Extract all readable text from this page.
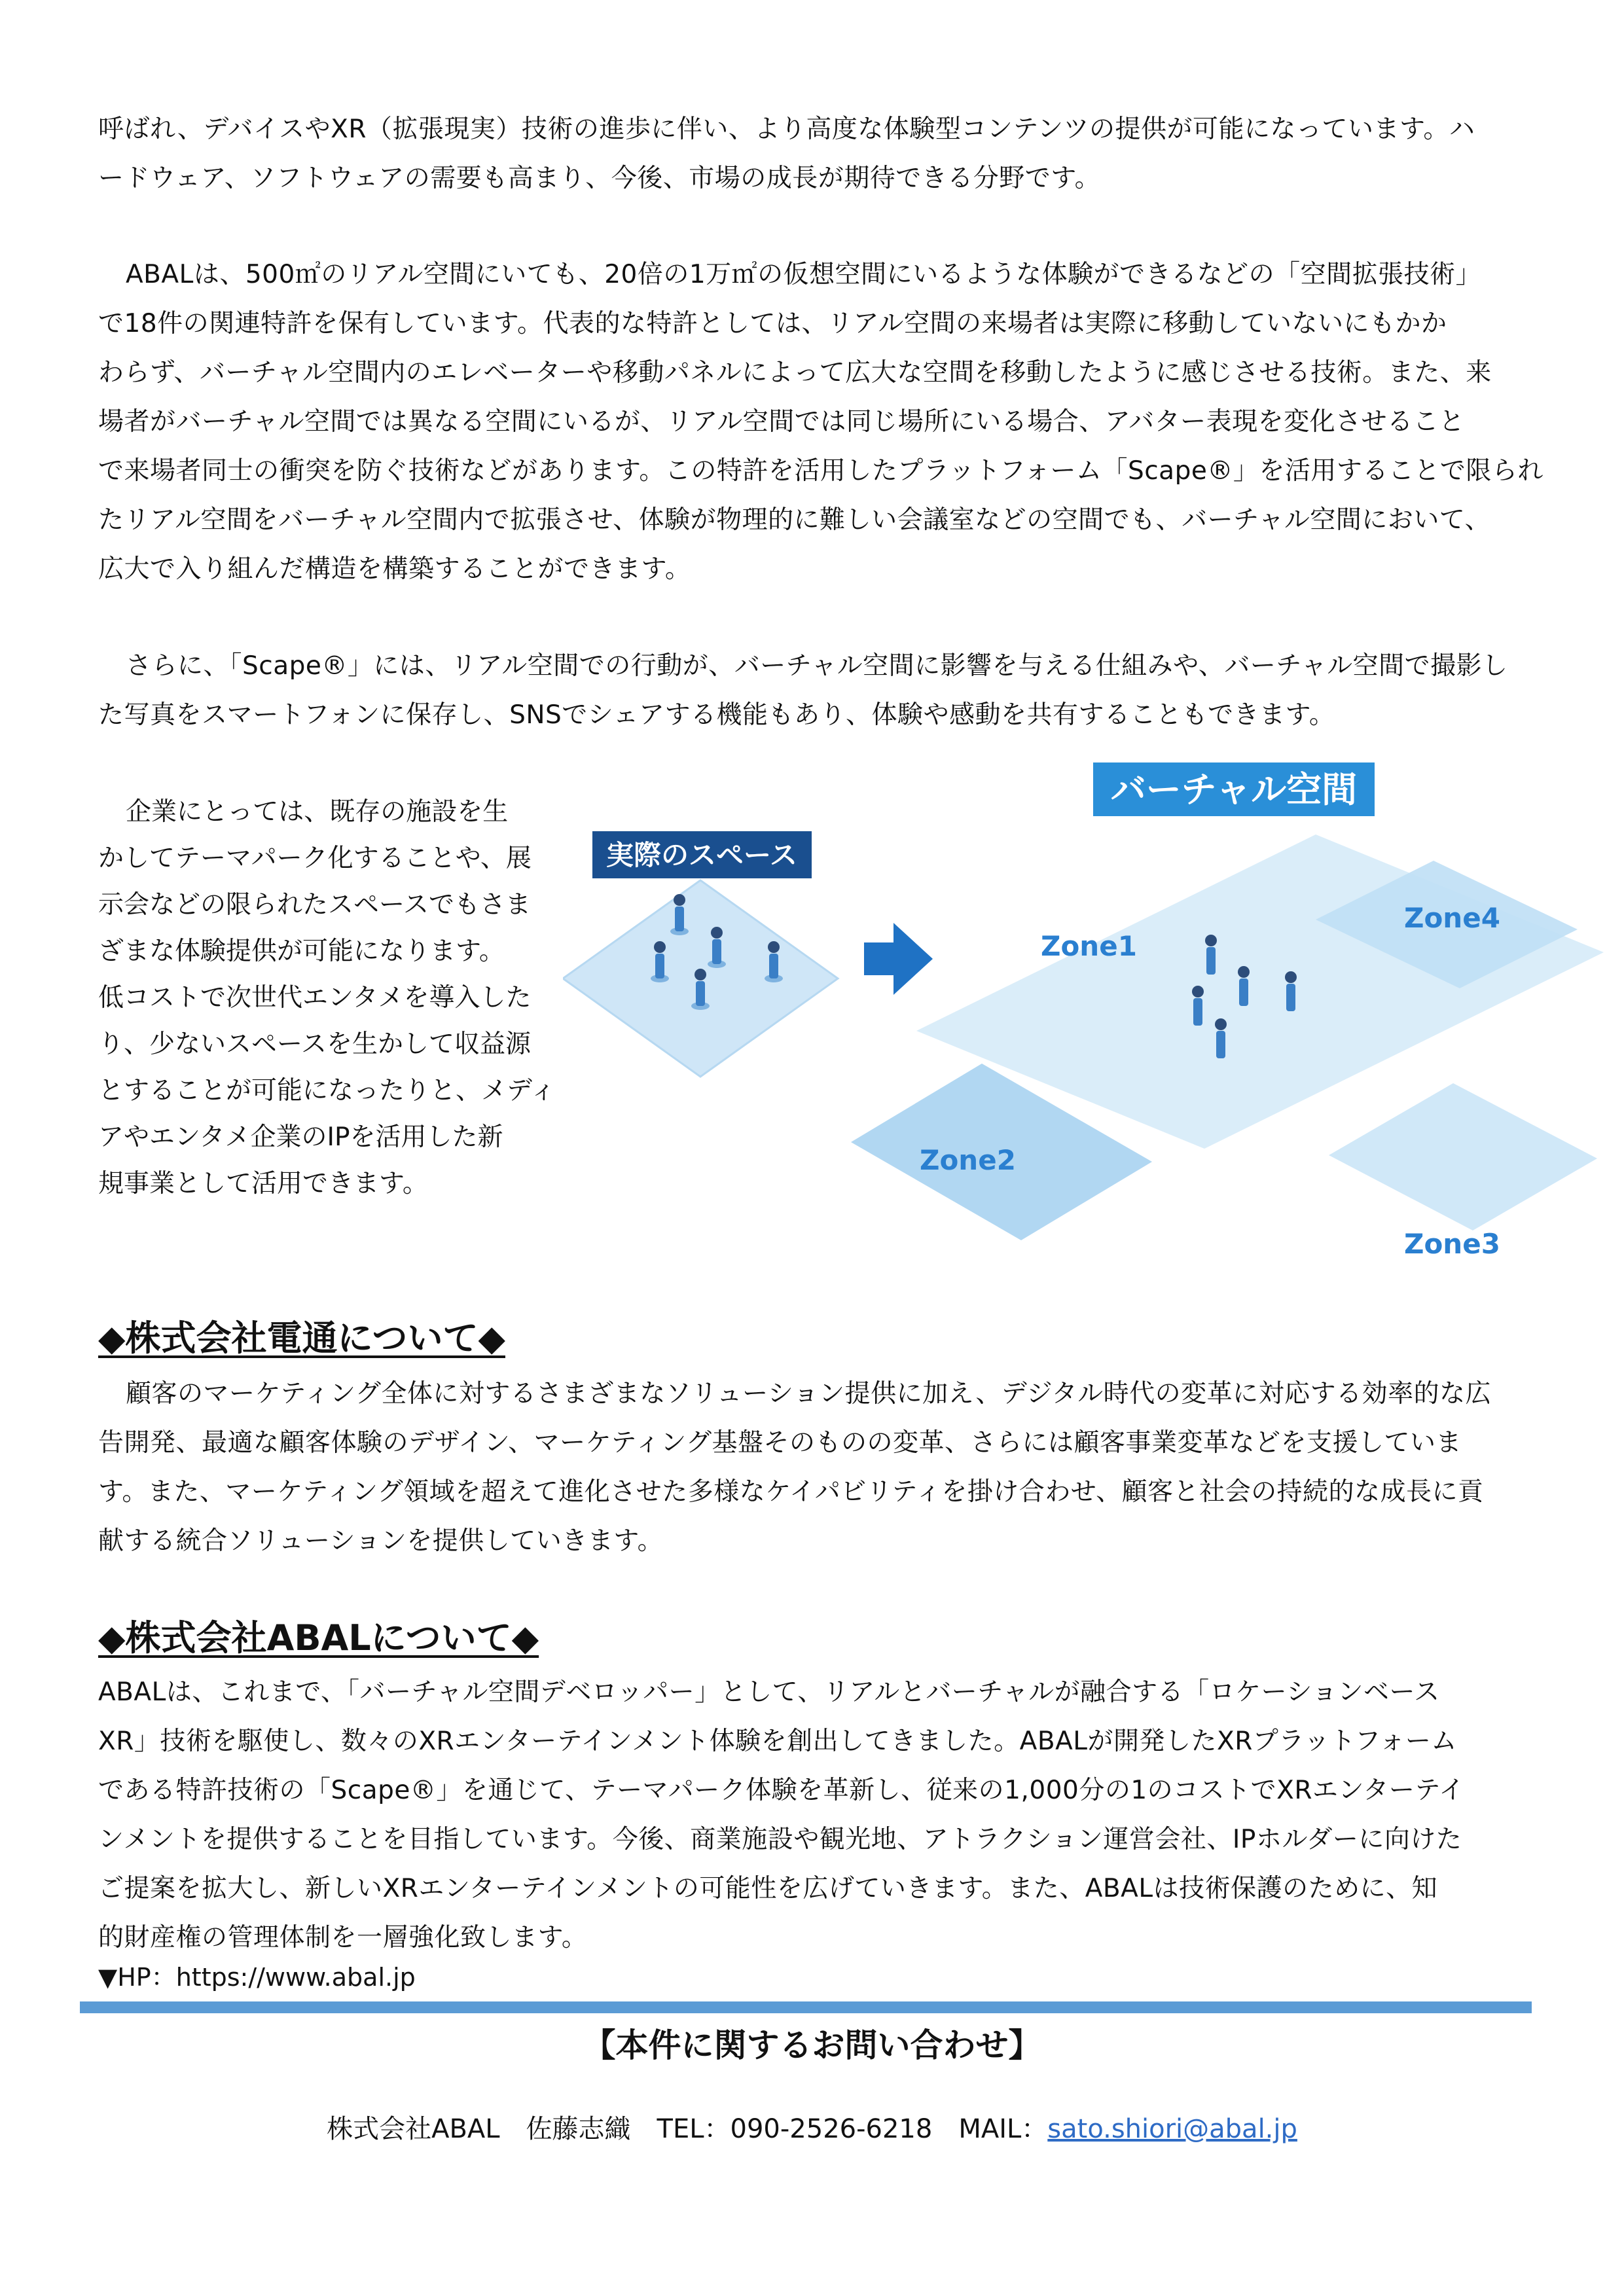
呼ばれ、デバイスやXR（拡張現実）技術の進歩に伴い、より高度な体験型コンテンツの提供が可能になっています。ハ
ードウェア、ソフトウェアの需要も高まり、今後、市場の成長が期待できる分野です。
ABALは、500㎡のリアル空間にいても、20倍の1万㎡の仮想空間にいるような体験ができるなどの「空間拡張技術」
で18件の関連特許を保有しています。代表的な特許としては、リアル空間の来場者は実際に移動していないにもかか
わらず、バーチャル空間内のエレベーターや移動パネルによって広大な空間を移動したように感じさせる技術。また、来
場者がバーチャル空間では異なる空間にいるが、リアル空間では同じ場所にいる場合、アバター表現を変化させること
で来場者同士の衝突を防ぐ技術などがあります。この特許を活用したプラットフォーム「Scape®」を活用することで限られ
たリアル空間をバーチャル空間内で拡張させ、体験が物理的に難しい会議室などの空間でも、バーチャル空間において、
広大で入り組んだ構造を構築することができます。
さらに、「Scape®」には、リアル空間での行動が、バーチャル空間に影響を与える仕組みや、バーチャル空間で撮影し
た写真をスマートフォンに保存し、SNSでシェアする機能もあり、体験や感動を共有することもできます。
企業にとっては、既存の施設を生
かしてテーマパーク化することや、展
示会などの限られたスペースでもさま
ざまな体験提供が可能になります。
低コストで次世代エンタメを導入した
り、少ないスペースを生かして収益源
とすることが可能になったりと、メディ
アやエンタメ企業のIPを活用した新
規事業として活用できます。
実際のスペース
バーチャル空間
Zone1
Zone2
Zone3
Zone4
◆株式会社電通について◆
顧客のマーケティング全体に対するさまざまなソリューション提供に加え、デジタル時代の変革に対応する効率的な広
告開発、最適な顧客体験のデザイン、マーケティング基盤そのものの変革、さらには顧客事業変革などを支援していま
す。また、マーケティング領域を超えて進化させた多様なケイパビリティを掛け合わせ、顧客と社会の持続的な成長に貢
献する統合ソリューションを提供していきます。
◆株式会社ABALについて◆
ABALは、これまで、「バーチャル空間デベロッパー」として、リアルとバーチャルが融合する「ロケーションベース
XR」技術を駆使し、数々のXRエンターテインメント体験を創出してきました。ABALが開発したXRプラットフォーム
である特許技術の「Scape®」を通じて、テーマパーク体験を革新し、従来の1,000分の1のコストでXRエンターテイ
ンメントを提供することを目指しています。今後、商業施設や観光地、アトラクション運営会社、IPホルダーに向けた
ご提案を拡大し、新しいXRエンターテインメントの可能性を広げていきます。また、ABALは技術保護のために、知
的財産権の管理体制を一層強化致します。
▼HP：https://www.abal.jp
【本件に関するお問い合わせ】
株式会社ABAL　佐藤志織　TEL：090-2526-6218　MAIL：sato.shiori@abal.jp
